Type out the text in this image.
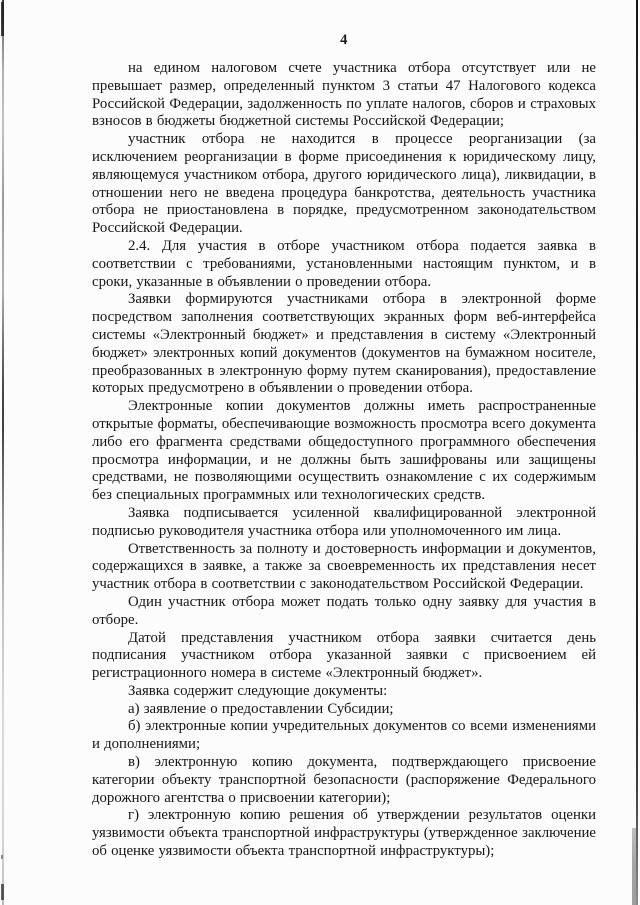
4

на едином налоговом счете участника отбора отсутствует или не превышает размер, определенный пунктом 3 статьи 47 Налогового кодекса Российской Федерации, задолженность по уплате налогов, сборов и страховых взносов в бюджеты бюджетной системы Российской Федерации;

участник отбора не находится в процессе реорганизации (за исключением реорганизации в форме присоединения к юридическому лицу, являющемуся участником отбора, другого юридического лица), ликвидации, в отношении него не введена процедура банкротства, деятельность участника отбора не приостановлена в порядке, предусмотренном законодательством Российской Федерации.

2.4. Для участия в отборе участником отбора подается заявка в соответствии с требованиями, установленными настоящим пунктом, и в сроки, указанные в объявлении о проведении отбора.

Заявки формируются участниками отбора в электронной форме посредством заполнения соответствующих экранных форм веб-интерфейса системы «Электронный бюджет» и представления в систему «Электронный бюджет» электронных копий документов (документов на бумажном носителе, преобразованных в электронную форму путем сканирования), предоставление которых предусмотрено в объявлении о проведении отбора.

Электронные копии документов должны иметь распространенные открытые форматы, обеспечивающие возможность просмотра всего документа либо его фрагмента средствами общедоступного программного обеспечения просмотра информации, и не должны быть зашифрованы или защищены средствами, не позволяющими осуществить ознакомление с их содержимым без специальных программных или технологических средств.

Заявка подписывается усиленной квалифицированной электронной подписью руководителя участника отбора или уполномоченного им лица.

Ответственность за полноту и достоверность информации и документов, содержащихся в заявке, а также за своевременность их представления несет участник отбора в соответствии с законодательством Российской Федерации.

Один участник отбора может подать только одну заявку для участия в отборе.

Датой представления участником отбора заявки считается день подписания участником отбора указанной заявки с присвоением ей регистрационного номера в системе «Электронный бюджет».

Заявка содержит следующие документы:

а) заявление о предоставлении Субсидии;

б) электронные копии учредительных документов со всеми изменениями и дополнениями;

в) электронную копию документа, подтверждающего присвоение категории объекту транспортной безопасности (распоряжение Федерального дорожного агентства о присвоении категории);

г) электронную копию решения об утверждении результатов оценки уязвимости объекта транспортной инфраструктуры (утвержденное заключение об оценке уязвимости объекта транспортной инфраструктуры);
